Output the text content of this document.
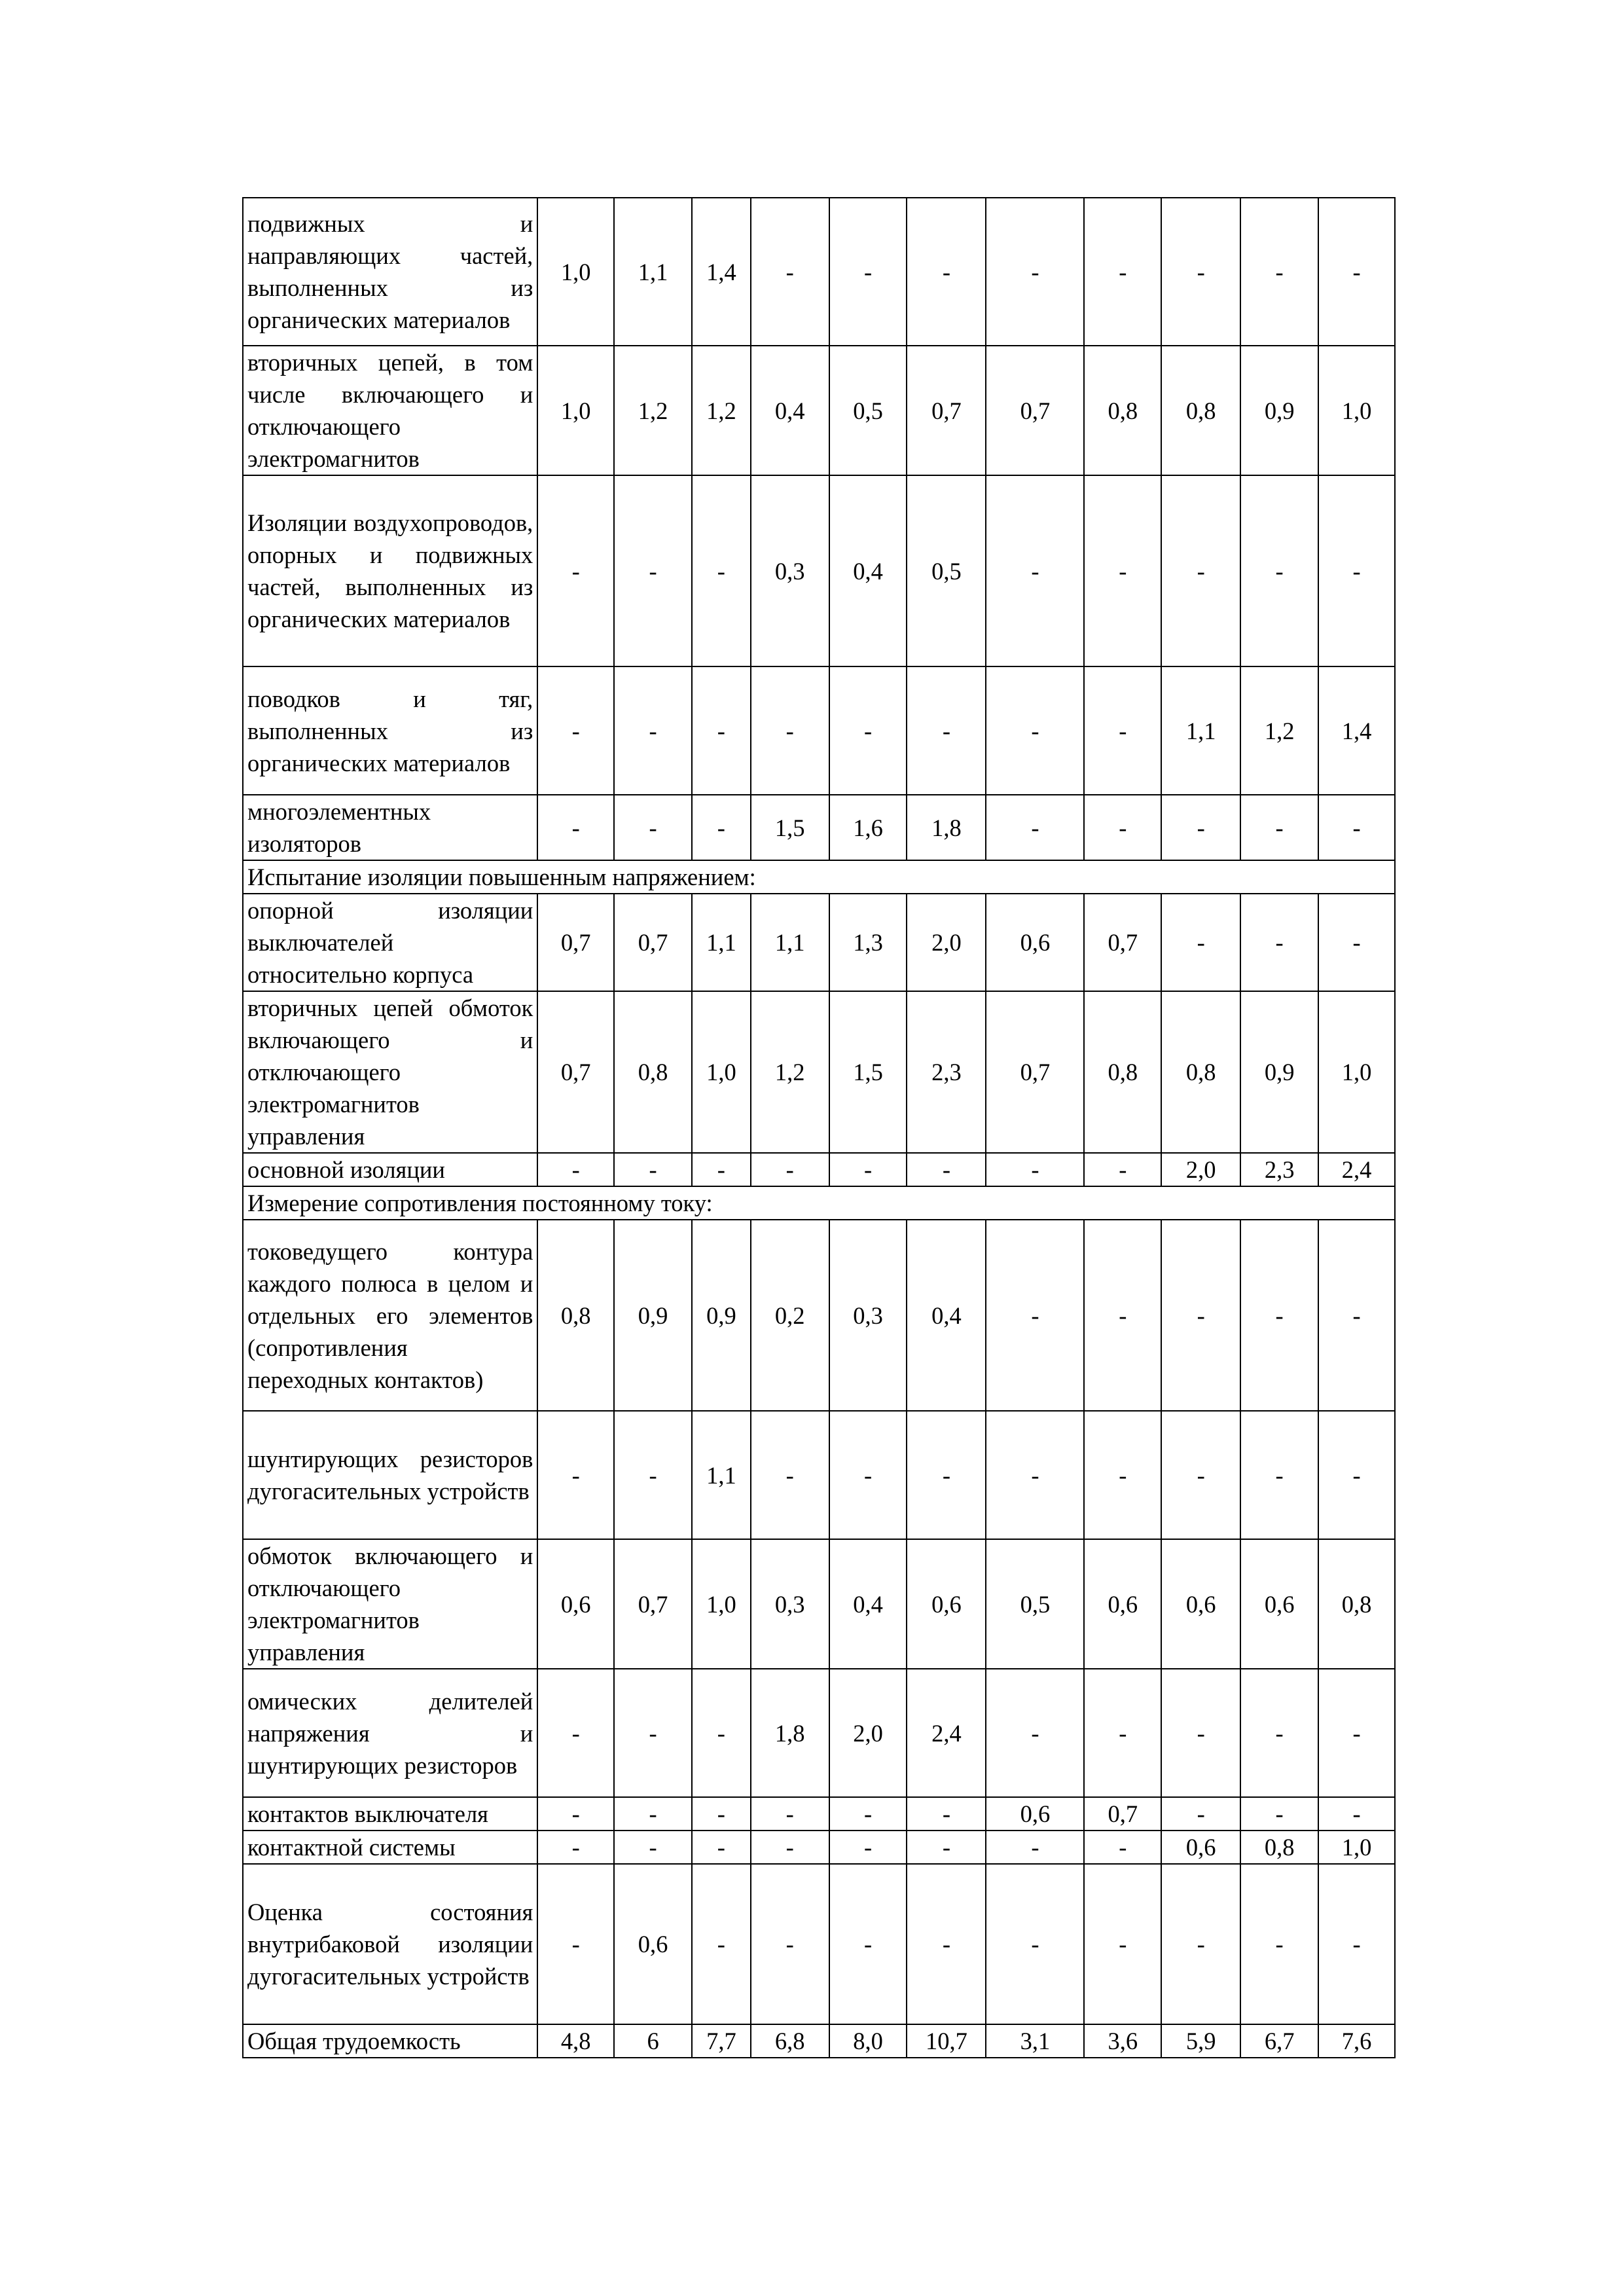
подвижных и направляющих частей, выполненных из органических материалов	1,0	1,1	1,4	-	-	-	-	-	-	-	-
вторичных цепей, в том числе включающего и отключающего электромагнитов	1,0	1,2	1,2	0,4	0,5	0,7	0,7	0,8	0,8	0,9	1,0
Изоляции воздухопроводов, опорных и подвижных частей, выполненных из органических материалов	-	-	-	0,3	0,4	0,5	-	-	-	-	-
поводков и тяг, выполненных из органических материалов	-	-	-	-	-	-	-	-	1,1	1,2	1,4
многоэлементных изоляторов	-	-	-	1,5	1,6	1,8	-	-	-	-	-
Испытание изоляции повышенным напряжением:											
опорной изоляции выключателей относительно корпуса	0,7	0,7	1,1	1,1	1,3	2,0	0,6	0,7	-	-	-
вторичных цепей обмоток включающего и отключающего электромагнитов управления	0,7	0,8	1,0	1,2	1,5	2,3	0,7	0,8	0,8	0,9	1,0
основной изоляции	-	-	-	-	-	-	-	-	2,0	2,3	2,4
Измерение сопротивления постоянному току:											
токоведущего контура каждого полюса в целом и отдельных его элементов (сопротивления переходных контактов)	0,8	0,9	0,9	0,2	0,3	0,4	-	-	-	-	-
шунтирующих резисторов дугогасительных устройств	-	-	1,1	-	-	-	-	-	-	-	-
обмоток включающего и отключающего электромагнитов управления	0,6	0,7	1,0	0,3	0,4	0,6	0,5	0,6	0,6	0,6	0,8
омических делителей напряжения и шунтирующих резисторов	-	-	-	1,8	2,0	2,4	-	-	-	-	-
контактов выключателя	-	-	-	-	-	-	0,6	0,7	-	-	-
контактной системы	-	-	-	-	-	-	-	-	0,6	0,8	1,0
Оценка состояния внутрибаковой изоляции дугогасительных устройств	-	0,6	-	-	-	-	-	-	-	-	-
Общая трудоемкость	4,8	6	7,7	6,8	8,0	10,7	3,1	3,6	5,9	6,7	7,6
